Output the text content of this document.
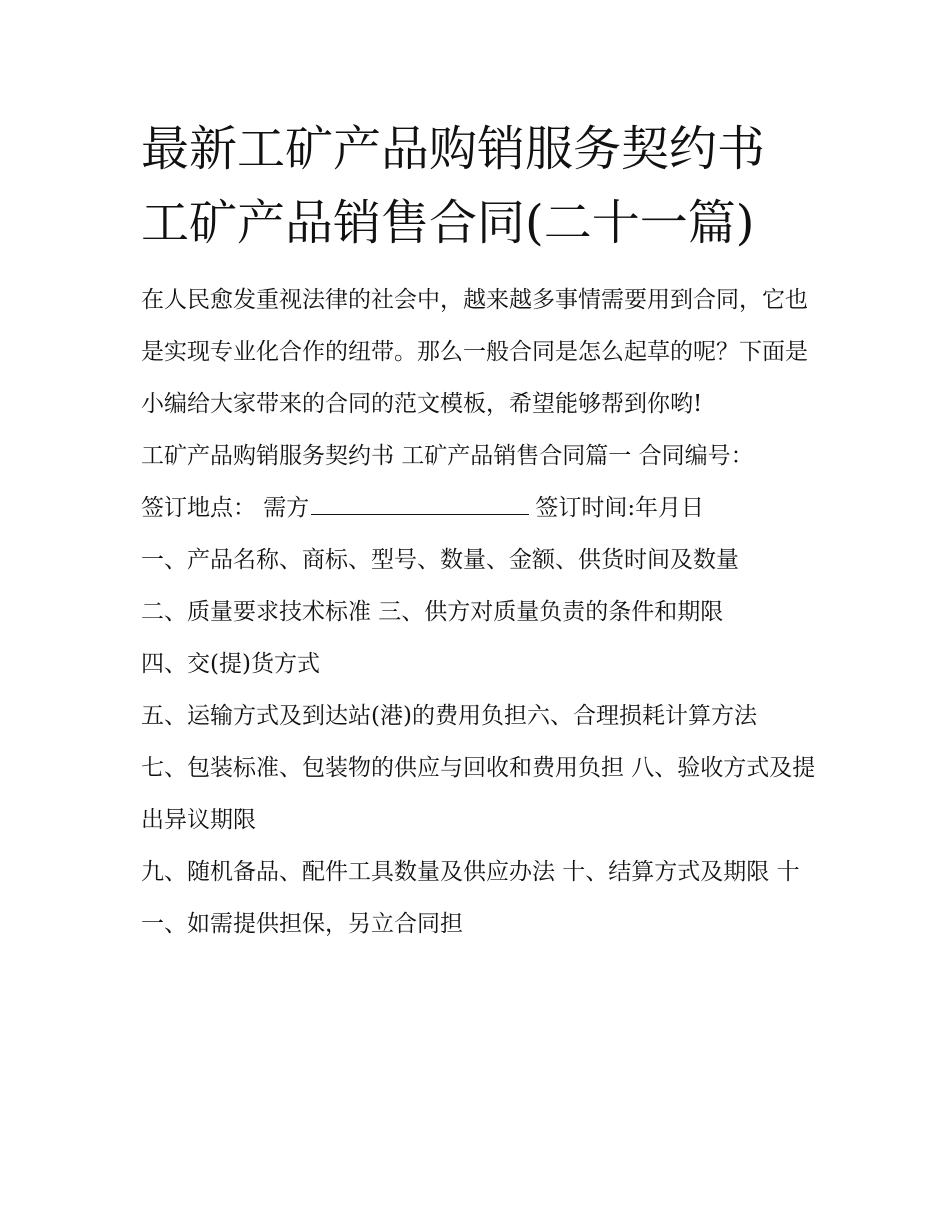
最新工矿产品购销服务契约书
工矿产品销售合同(二十一篇)

在人民愈发重视法律的社会中，越来越多事情需要用到合同，它也是实现专业化合作的纽带。那么一般合同是怎么起草的呢？下面是小编给大家带来的合同的范文模板，希望能够帮到你哟!

工矿产品购销服务契约书 工矿产品销售合同篇一 合同编号：

签订地点： 需方	签订时间:年月日

一、产品名称、商标、型号、数量、金额、供货时间及数量

二、质量要求技术标准 三、供方对质量负责的条件和期限

四、交(提)货方式

五、运输方式及到达站(港)的费用负担六、合理损耗计算方法

七、包装标准、包装物的供应与回收和费用负担 八、验收方式及提出异议期限

九、随机备品、配件工具数量及供应办法 十、结算方式及期限 十一、如需提供担保，另立合同担
